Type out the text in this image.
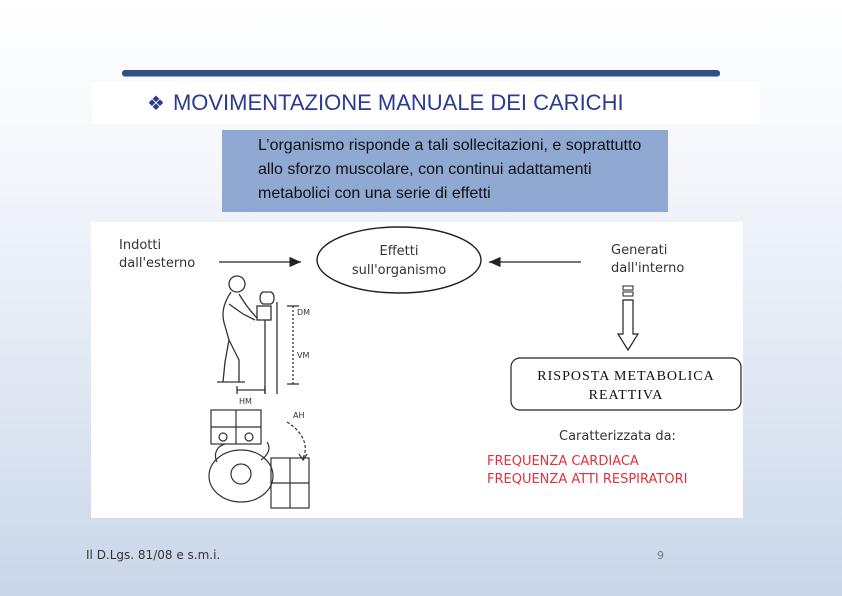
❖ MOVIMENTAZIONE MANUALE DEI CARICHI
L’organismo risponde a tali sollecitazioni, e soprattutto allo sforzo muscolare, con continui adattamenti metabolici con una serie di effetti
Indotti
dall'esterno
Effetti
sull'organismo
Generati
dall'interno
RISPOSTA METABOLICA
REATTIVA
Caratterizzata da:
FREQUENZA CARDIACA
FREQUENZA ATTI RESPIRATORI
DM
VM
HM
AH
Il D.Lgs. 81/08 e s.m.i.	9
